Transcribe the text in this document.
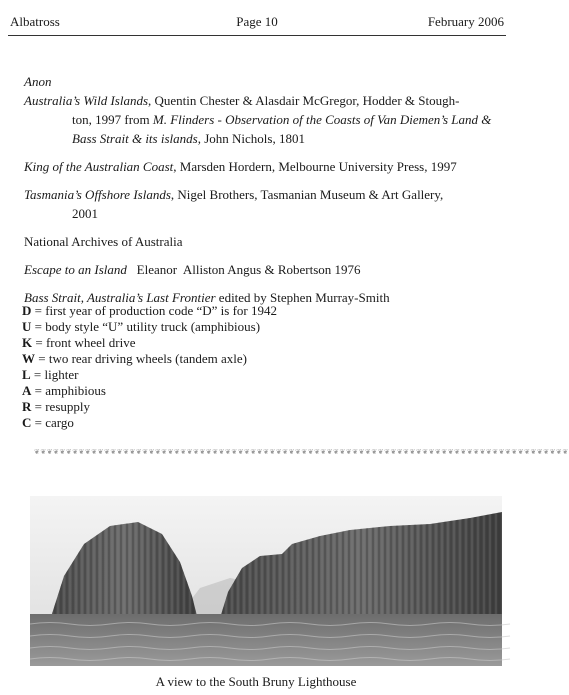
Albatross	Page 10	February 2006
Anon
Australia’s Wild Islands, Quentin Chester & Alasdair McGregor, Hodder & Stough-
ton, 1997 from M. Flinders - Observation of the Coasts of Van Diemen’s Land & Bass Strait & its islands, John Nichols, 1801
King of the Australian Coast, Marsden Hordern, Melbourne University Press, 1997
Tasmania’s Offshore Islands, Nigel Brothers, Tasmanian Museum & Art Gallery,
2001
National Archives of Australia
Escape to an Island   Eleanor  Alliston Angus & Robertson 1976
Bass Strait, Australia’s Last Frontier edited by Stephen Murray-Smith
D = first year of production code “D” is for 1942
U = body style “U” utility truck (amphibious)
K = front wheel drive
W = two rear driving wheels (tandem axle)
L = lighter
A = amphibious
R = resupply
C = cargo
❦❦❦❦❦❦❦❦❦❦❦❦❦❦❦❦❦❦❦❦❦❦❦❦❦❦❦❦❦❦❦❦❦❦❦❦❦❦❦❦❦❦❦❦❦❦❦❦❦❦❦❦❦❦❦❦❦❦❦❦❦❦❦❦❦❦❦❦❦❦❦❦❦❦❦❦❦❦❦❦❦❦❦❦
A view to the South Bruny Lighthouse
